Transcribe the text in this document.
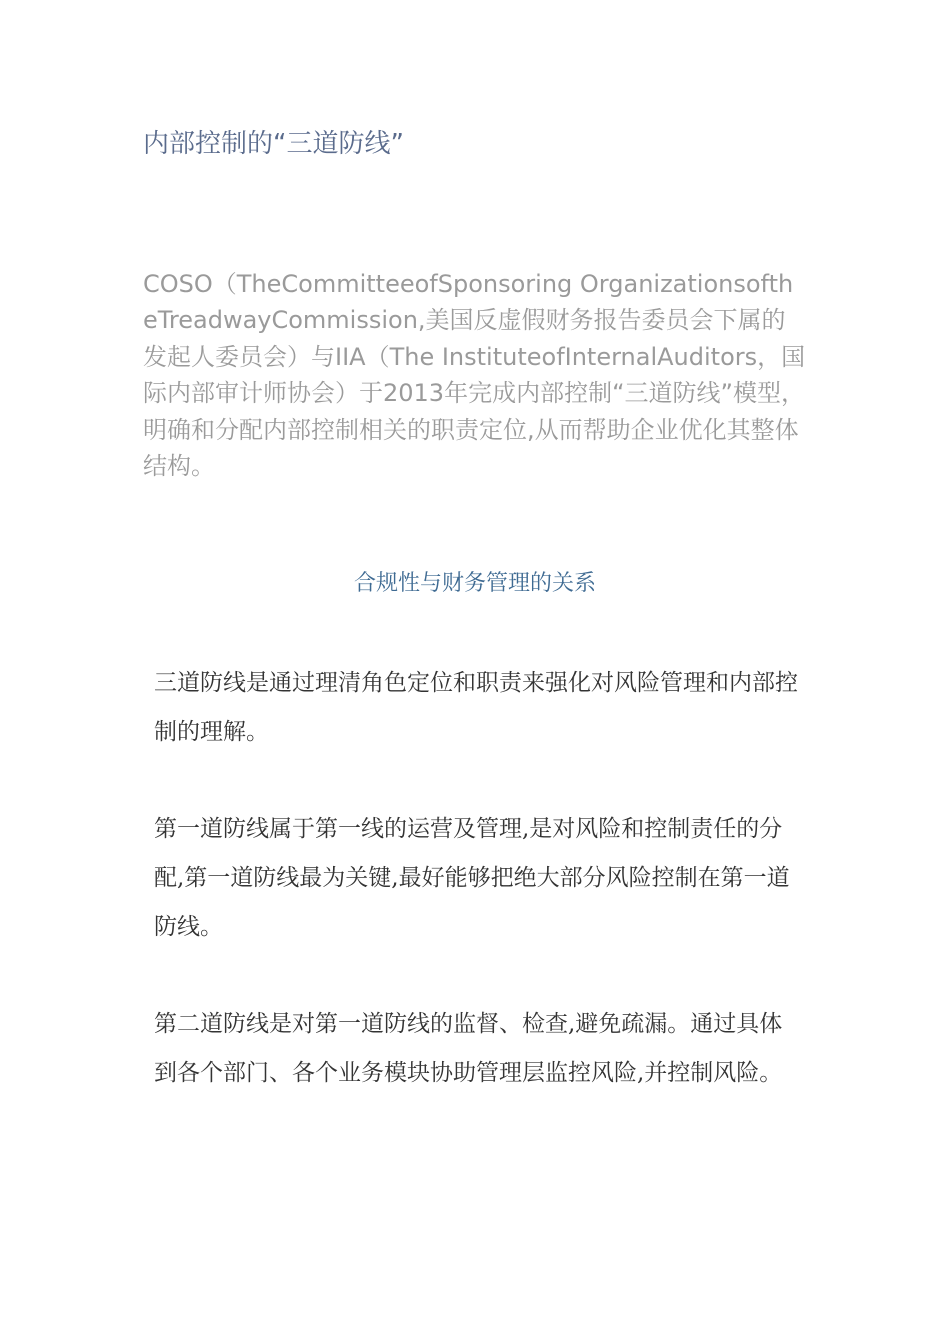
内部控制的“三道防线”

COSO（TheCommitteeofSponsoring OrganizationsoftheTreadwayCommission,美国反虚假财务报告委员会下属的发起人委员会）与IIA（The InstituteofInternalAuditors，国际内部审计师协会）于2013年完成内部控制“三道防线”模型，明确和分配内部控制相关的职责定位,从而帮助企业优化其整体结构。

合规性与财务管理的关系

三道防线是通过理清角色定位和职责来强化对风险管理和内部控制的理解。

第一道防线属于第一线的运营及管理,是对风险和控制责任的分配,第一道防线最为关键,最好能够把绝大部分风险控制在第一道防线。

第二道防线是对第一道防线的监督、检查,避免疏漏。通过具体到各个部门、各个业务模块协助管理层监控风险,并控制风险。
